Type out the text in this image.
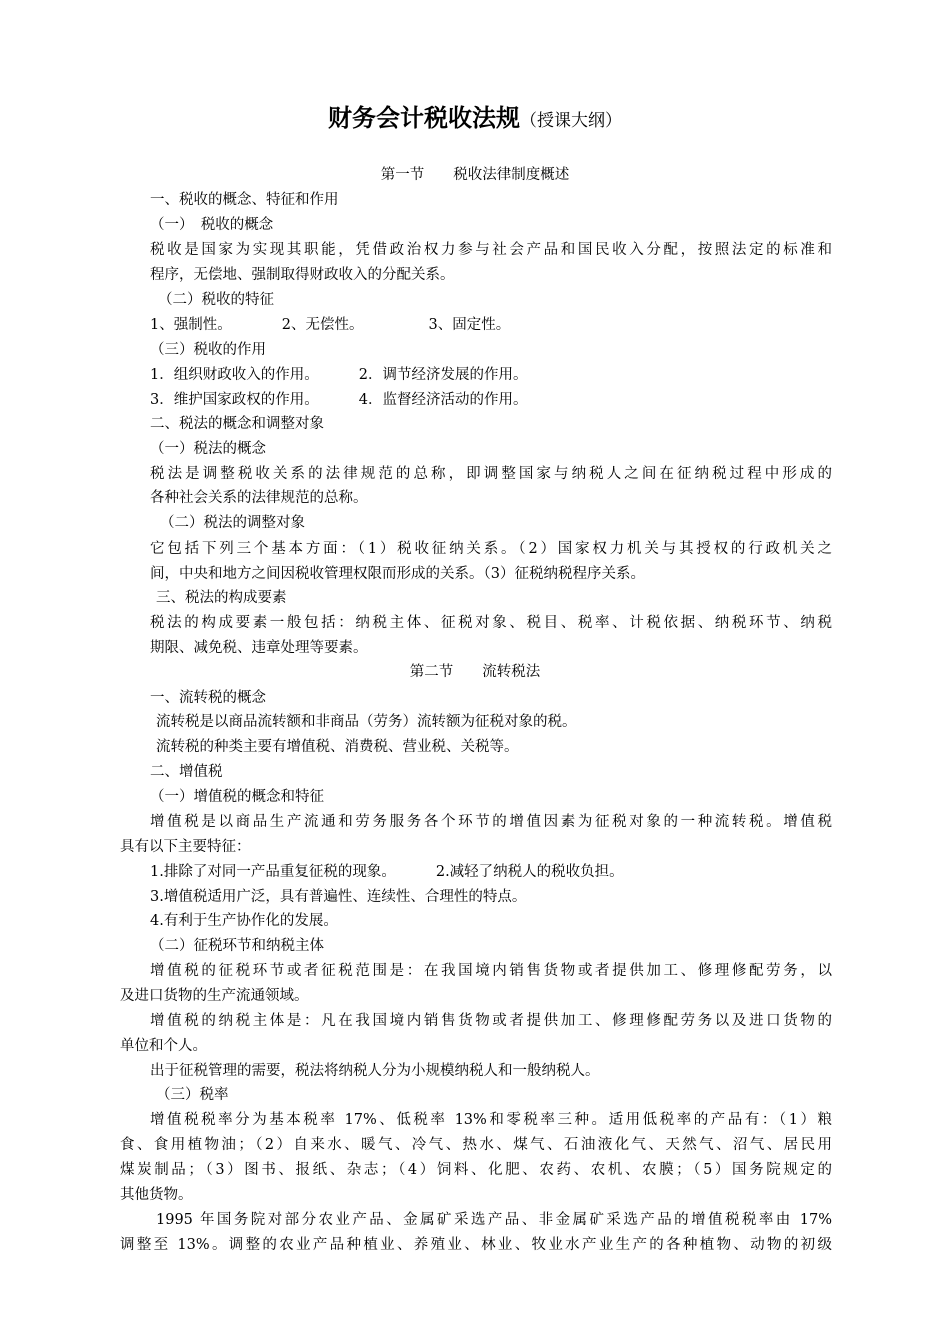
财务会计税收法规（授课大纲）
第一节　　税收法律制度概述
一、税收的概念、特征和作用
（一）　税收的概念
税收是国家为实现其职能，凭借政治权力参与社会产品和国民收入分配，按照法定的标准和
程序，无偿地、强制取得财政收入的分配关系。
（二）税收的特征
1、强制性。	2、无偿性。	3、固定性。
（三）税收的作用
1．组织财政收入的作用。	2．调节经济发展的作用。
3．维护国家政权的作用。	4．监督经济活动的作用。
二、税法的概念和调整对象
（一）税法的概念
税法是调整税收关系的法律规范的总称，即调整国家与纳税人之间在征纳税过程中形成的
各种社会关系的法律规范的总称。
（二）税法的调整对象
它包括下列三个基本方面：（1）税收征纳关系。（2）国家权力机关与其授权的行政机关之
间，中央和地方之间因税收管理权限而形成的关系。（3）征税纳税程序关系。
三、税法的构成要素
税法的构成要素一般包括：纳税主体、征税对象、税目、税率、计税依据、纳税环节、纳税
期限、减免税、违章处理等要素。
第二节　　流转税法
一、流转税的概念
流转税是以商品流转额和非商品（劳务）流转额为征税对象的税。
流转税的种类主要有增值税、消费税、营业税、关税等。
二、增值税
（一）增值税的概念和特征
增值税是以商品生产流通和劳务服务各个环节的增值因素为征税对象的一种流转税。增值税
具有以下主要特征：
1.排除了对同一产品重复征税的现象。	2.减轻了纳税人的税收负担。
3.增值税适用广泛，具有普遍性、连续性、合理性的特点。
4.有利于生产协作化的发展。
（二）征税环节和纳税主体
增值税的征税环节或者征税范围是：在我国境内销售货物或者提供加工、修理修配劳务，以
及进口货物的生产流通领域。
增值税的纳税主体是：凡在我国境内销售货物或者提供加工、修理修配劳务以及进口货物的
单位和个人。
出于征税管理的需要，税法将纳税人分为小规模纳税人和一般纳税人。
（三）税率
增值税税率分为基本税率 17%、低税率 13%和零税率三种。适用低税率的产品有：（1）粮
食、食用植物油；（2）自来水、暖气、冷气、热水、煤气、石油液化气、天然气、沼气、居民用
煤炭制品；（3）图书、报纸、杂志；（4）饲料、化肥、农药、农机、农膜；（5）国务院规定的
其他货物。
1995 年国务院对部分农业产品、金属矿采选产品、非金属矿采选产品的增值税税率由 17%
调整至 13%。调整的农业产品种植业、养殖业、林业、牧业水产业生产的各种植物、动物的初级
